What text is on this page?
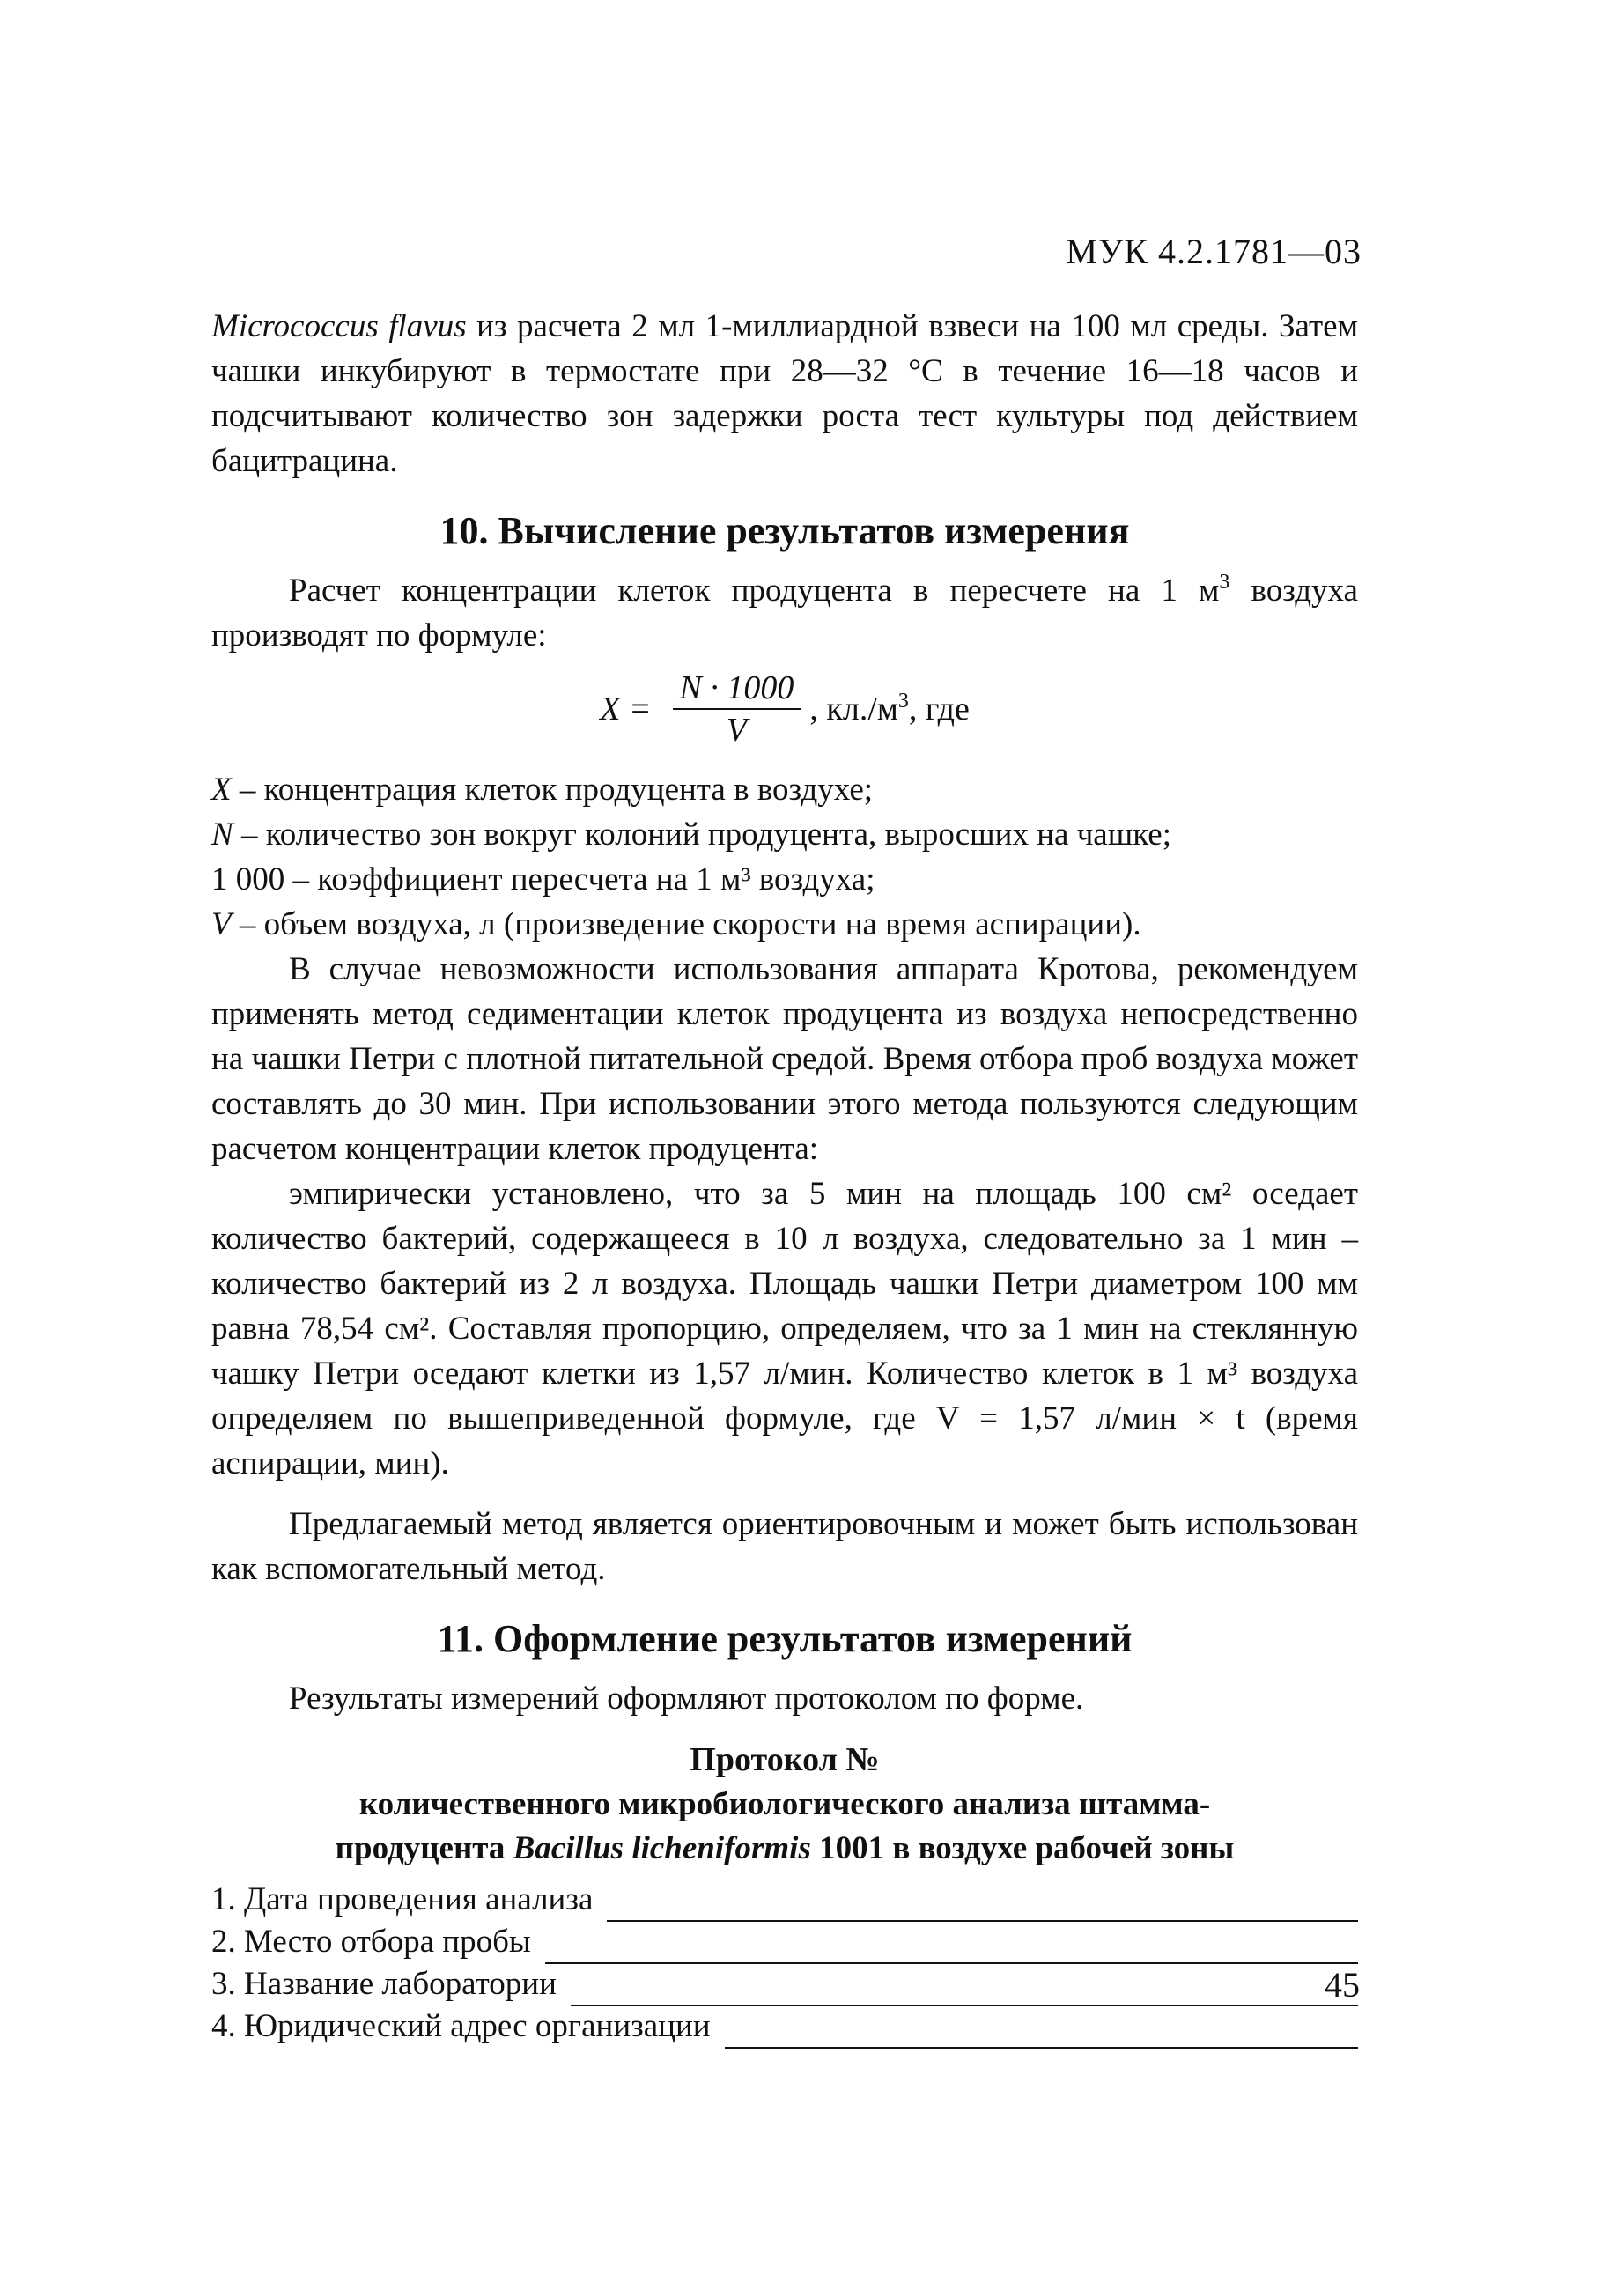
МУК 4.2.1781—03

Micrococcus flavus из расчета 2 мл 1-миллиардной взвеси на 100 мл среды. Затем чашки инкубируют в термостате при 28—32 °С в течение 16—18 часов и подсчитывают количество зон задержки роста тест культуры под действием бацитрацина.

10. Вычисление результатов измерения

Расчет концентрации клеток продуцента в пересчете на 1 $м^3$ воздуха производят по формуле:

$X = \frac{N \cdot 1000}{V}$ , $кл./м^3$, где

X – концентрация клеток продуцента в воздухе;

N – количество зон вокруг колоний продуцента, выросших на чашке;

1 000 – коэффициент пересчета на 1 м³ воздуха;

V – объем воздуха, л (произведение скорости на время аспирации).

В случае невозможности использования аппарата Кротова, рекомендуем применять метод седиментации клеток продуцента из воздуха непосредственно на чашки Петри с плотной питательной средой. Время отбора проб воздуха может составлять до 30 мин. При использовании этого метода пользуются следующим расчетом концентрации клеток продуцента:

эмпирически установлено, что за 5 мин на площадь 100 см² оседает количество бактерий, содержащееся в 10 л воздуха, следовательно за 1 мин – количество бактерий из 2 л воздуха. Площадь чашки Петри диаметром 100 мм равна 78,54 см². Составляя пропорцию, определяем, что за 1 мин на стеклянную чашку Петри оседают клетки из 1,57 л/мин. Количество клеток в 1 м³ воздуха определяем по вышеприведенной формуле, где V = 1,57 л/мин × t (время аспирации, мин).

Предлагаемый метод является ориентировочным и может быть использован как вспомогательный метод.

11. Оформление результатов измерений

Результаты измерений оформляют протоколом по форме.

Протокол №
количественного микробиологического анализа штамма-
продуцента Bacillus licheniformis 1001 в воздухе рабочей зоны
1. Дата проведения анализа
2. Место отбора пробы
3. Название лаборатории
4. Юридический адрес организации
45
